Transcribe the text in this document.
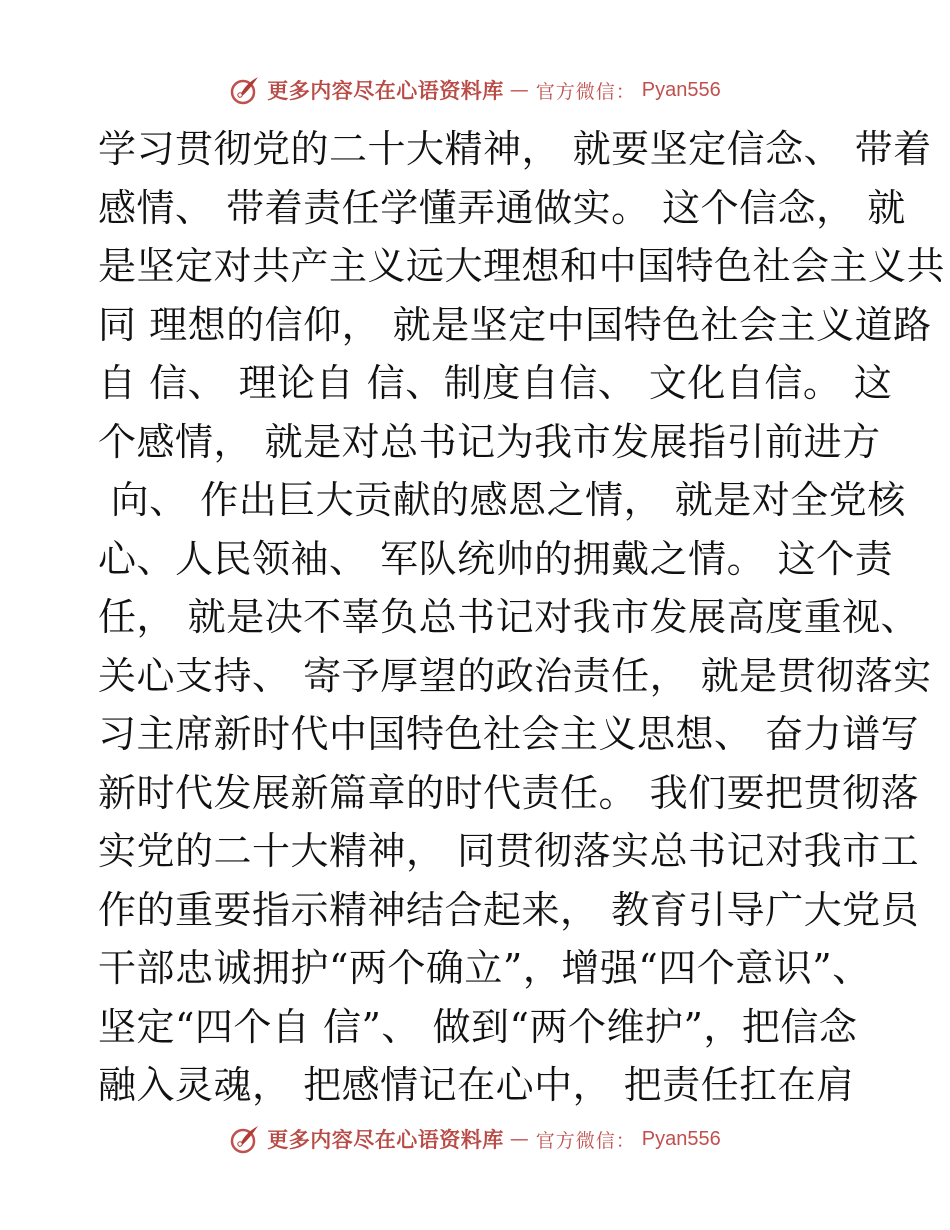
更多内容尽在心语资料库 — 官方微信： Pyan556
学习贯彻党的二十大精神， 就要坚定信念、 带着
感情、 带着责任学懂弄通做实。 这个信念， 就
是坚定对共产主义远大理想和中国特色社会主义共
同 理想的信仰， 就是坚定中国特色社会主义道路
自 信、 理论自 信、制度自信、 文化自信。 这
个感情， 就是对总书记为我市发展指引前进方
向、 作出巨大贡献的感恩之情， 就是对全党核
心、人民领袖、 军队统帅的拥戴之情。 这个责
任， 就是决不辜负总书记对我市发展高度重视、
关心支持、 寄予厚望的政治责任， 就是贯彻落实
习主席新时代中国特色社会主义思想、 奋力谱写
新时代发展新篇章的时代责任。 我们要把贯彻落
实党的二十大精神， 同贯彻落实总书记对我市工
作的重要指示精神结合起来， 教育引导广大党员
干部忠诚拥护“两个确立”，增强“四个意识”、
坚定“四个自 信”、 做到“两个维护”，把信念
融入灵魂， 把感情记在心中， 把责任扛在肩
更多内容尽在心语资料库 — 官方微信： Pyan556
